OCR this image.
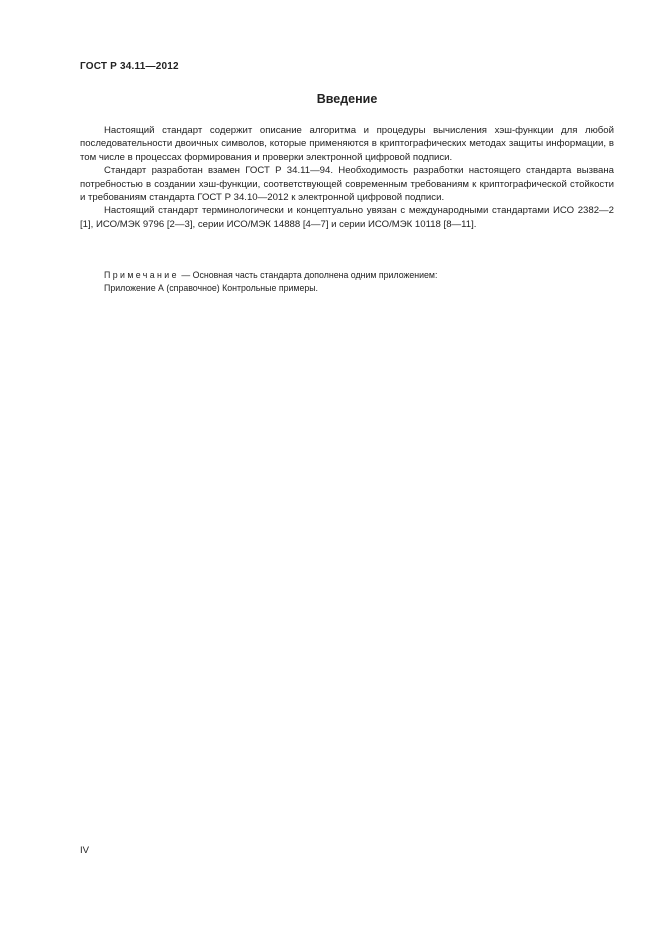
ГОСТ Р 34.11—2012
Введение

Настоящий стандарт содержит описание алгоритма и процедуры вычисления хэш-функции для любой последовательности двоичных символов, которые применяются в криптографических методах защиты информации, в том числе в процессах формирования и проверки электронной цифровой подписи.

Стандарт разработан взамен ГОСТ Р 34.11—94. Необходимость разработки настоящего стандарта вызвана потребностью в создании хэш-функции, соответствующей современным требованиям к криптографической стойкости и требованиям стандарта ГОСТ Р 34.10—2012 к электронной цифровой подписи.

Настоящий стандарт терминологически и концептуально увязан с международными стандартами ИСО 2382—2 [1], ИСО/МЭК 9796 [2—3], серии ИСО/МЭК 14888 [4—7] и серии ИСО/МЭК 10118 [8—11].

Примечание — Основная часть стандарта дополнена одним приложением:
Приложение А (справочное) Контрольные примеры.
IV
